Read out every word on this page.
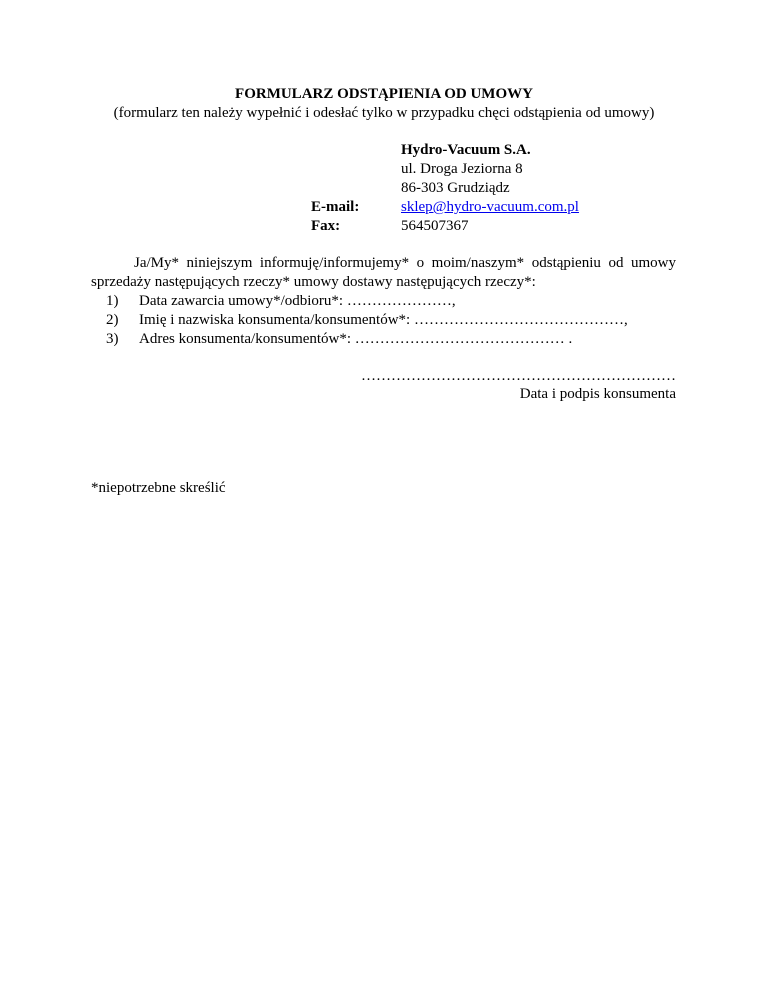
FORMULARZ ODSTĄPIENIA OD UMOWY
(formularz ten należy wypełnić i odesłać tylko w przypadku chęci odstąpienia od umowy)
Hydro-Vacuum S.A.
ul. Droga Jeziorna 8
86-303 Grudziądz
sklep@hydro-vacuum.com.pl
564507367
E-mail:
Fax:
Ja/My* niniejszym informuję/informujemy* o moim/naszym* odstąpieniu od umowy
sprzedaży następujących rzeczy* umowy dostawy następujących rzeczy*:
1) Data zawarcia umowy*/odbioru*: …………………,
2) Imię i nazwiska konsumenta/konsumentów*: ……………………………………,
3) Adres konsumenta/konsumentów*: …………………………………… .
………………………………………………………
Data i podpis konsumenta
*niepotrzebne skreślić
